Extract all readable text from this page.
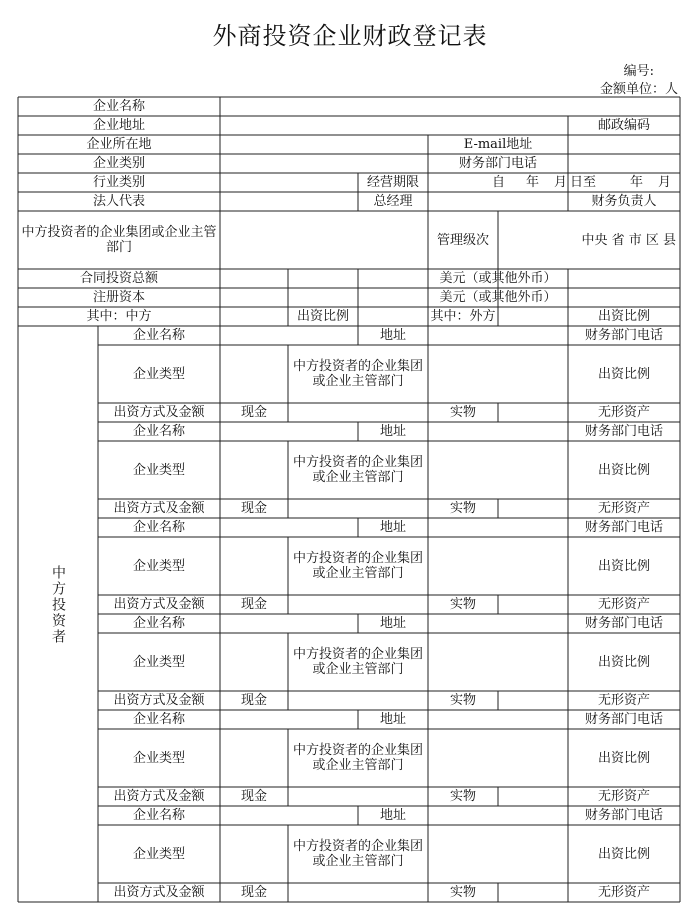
外商投资企业财政登记表
编号:
金额单位：人
企业名称
企业地址	邮政编码
企业所在地	E-mail地址
企业类别	财务部门电话
行业类别	经营期限	自 年 月 日至	年 月
法人代表	总经理	财务负责人
中方投资者的企业集团或企业主管部门	管理级次	中央 省 市 区 县
合同投资总额	美元（或其他外币）
注册资本	美元（或其他外币）
其中：中方	出资比例	其中：外方	出资比例
中方投资者
企业名称	地址	财务部门电话
企业类型	中方投资者的企业集团或企业主管部门	出资比例
出资方式及金额	现金	实物	无形资产
企业名称	地址	财务部门电话
企业类型	中方投资者的企业集团或企业主管部门	出资比例
出资方式及金额	现金	实物	无形资产
企业名称	地址	财务部门电话
企业类型	中方投资者的企业集团或企业主管部门	出资比例
出资方式及金额	现金	实物	无形资产
企业名称	地址	财务部门电话
企业类型	中方投资者的企业集团或企业主管部门	出资比例
出资方式及金额	现金	实物	无形资产
企业名称	地址	财务部门电话
企业类型	中方投资者的企业集团或企业主管部门	出资比例
出资方式及金额	现金	实物	无形资产
企业名称	地址	财务部门电话
企业类型	中方投资者的企业集团或企业主管部门	出资比例
出资方式及金额	现金	实物	无形资产
